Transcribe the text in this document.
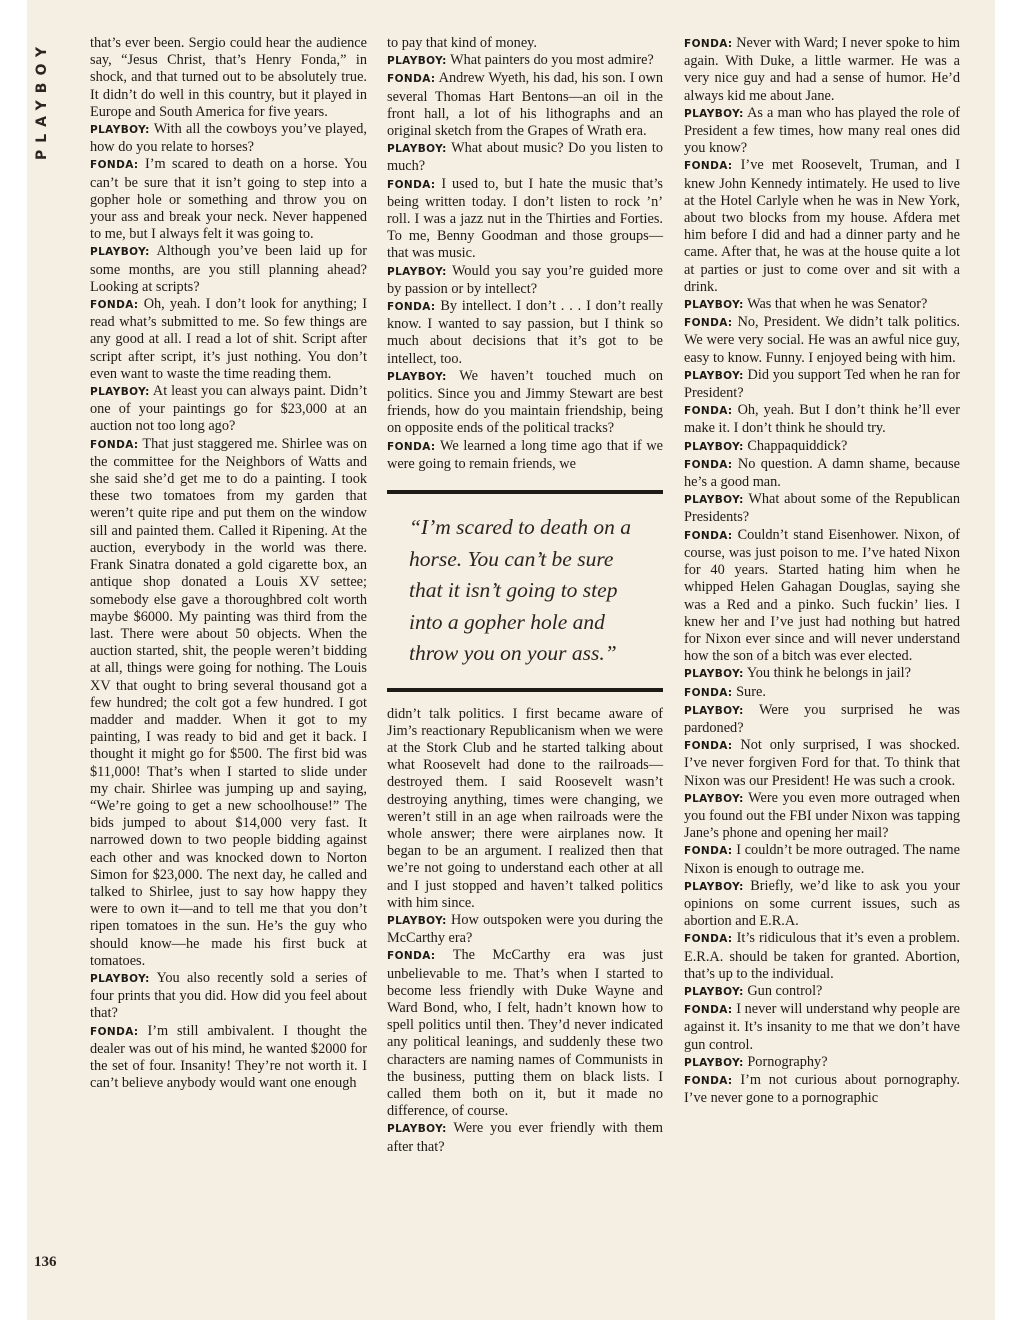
PLAYBOY
136

that’s ever been. Sergio could hear the audience say, “Jesus Christ, that’s Henry Fonda,” in shock, and that turned out to be absolutely true. It didn’t do well in this country, but it played in Europe and South America for five years.

PLAYBOY: With all the cowboys you’ve played, how do you relate to horses?

FONDA: I’m scared to death on a horse. You can’t be sure that it isn’t going to step into a gopher hole or something and throw you on your ass and break your neck. Never happened to me, but I always felt it was going to.

PLAYBOY: Although you’ve been laid up for some months, are you still planning ahead? Looking at scripts?

FONDA: Oh, yeah. I don’t look for anything; I read what’s submitted to me. So few things are any good at all. I read a lot of shit. Script after script after script, it’s just nothing. You don’t even want to waste the time reading them.

PLAYBOY: At least you can always paint. Didn’t one of your paintings go for $23,000 at an auction not too long ago?

FONDA: That just staggered me. Shirlee was on the committee for the Neighbors of Watts and she said she’d get me to do a painting. I took these two tomatoes from my garden that weren’t quite ripe and put them on the window sill and painted them. Called it Ripening. At the auction, everybody in the world was there. Frank Sinatra donated a gold cigarette box, an antique shop donated a Louis XV settee; somebody else gave a thoroughbred colt worth maybe $6000. My painting was third from the last. There were about 50 objects. When the auction started, shit, the people weren’t bidding at all, things were going for nothing. The Louis XV that ought to bring several thousand got a few hundred; the colt got a few hundred. I got madder and madder. When it got to my painting, I was ready to bid and get it back. I thought it might go for $500. The first bid was $11,000! That’s when I started to slide under my chair. Shirlee was jumping up and saying, “We’re going to get a new schoolhouse!” The bids jumped to about $14,000 very fast. It narrowed down to two people bidding against each other and was knocked down to Norton Simon for $23,000. The next day, he called and talked to Shirlee, just to say how happy they were to own it—and to tell me that you don’t ripen tomatoes in the sun. He’s the guy who should know—he made his first buck at tomatoes.

PLAYBOY: You also recently sold a series of four prints that you did. How did you feel about that?

FONDA: I’m still ambivalent. I thought the dealer was out of his mind, he wanted $2000 for the set of four. Insanity! They’re not worth it. I can’t believe anybody would want one enough

to pay that kind of money.

PLAYBOY: What painters do you most admire?

FONDA: Andrew Wyeth, his dad, his son. I own several Thomas Hart Bentons—an oil in the front hall, a lot of his lithographs and an original sketch from the Grapes of Wrath era.

PLAYBOY: What about music? Do you listen to much?

FONDA: I used to, but I hate the music that’s being written today. I don’t listen to rock ’n’ roll. I was a jazz nut in the Thirties and Forties. To me, Benny Goodman and those groups—that was music.

PLAYBOY: Would you say you’re guided more by passion or by intellect?

FONDA: By intellect. I don’t . . . I don’t really know. I wanted to say passion, but I think so much about decisions that it’s got to be intellect, too.

PLAYBOY: We haven’t touched much on politics. Since you and Jimmy Stewart are best friends, how do you maintain friendship, being on opposite ends of the political tracks?

FONDA: We learned a long time ago that if we were going to remain friends, we

“I’m scared to death on a horse. You can’t be sure that it isn’t going to step into a gopher hole and throw you on your ass.”

didn’t talk politics. I first became aware of Jim’s reactionary Republicanism when we were at the Stork Club and he started talking about what Roosevelt had done to the railroads—destroyed them. I said Roosevelt wasn’t destroying anything, times were changing, we weren’t still in an age when railroads were the whole answer; there were airplanes now. It began to be an argument. I realized then that we’re not going to understand each other at all and I just stopped and haven’t talked politics with him since.

PLAYBOY: How outspoken were you during the McCarthy era?

FONDA: The McCarthy era was just unbelievable to me. That’s when I started to become less friendly with Duke Wayne and Ward Bond, who, I felt, hadn’t known how to spell politics until then. They’d never indicated any political leanings, and suddenly these two characters are naming names of Communists in the business, putting them on black lists. I called them both on it, but it made no difference, of course.

PLAYBOY: Were you ever friendly with them after that?

FONDA: Never with Ward; I never spoke to him again. With Duke, a little warmer. He was a very nice guy and had a sense of humor. He’d always kid me about Jane.

PLAYBOY: As a man who has played the role of President a few times, how many real ones did you know?

FONDA: I’ve met Roosevelt, Truman, and I knew John Kennedy intimately. He used to live at the Hotel Carlyle when he was in New York, about two blocks from my house. Afdera met him before I did and had a dinner party and he came. After that, he was at the house quite a lot at parties or just to come over and sit with a drink.

PLAYBOY: Was that when he was Senator?

FONDA: No, President. We didn’t talk politics. We were very social. He was an awful nice guy, easy to know. Funny. I enjoyed being with him.

PLAYBOY: Did you support Ted when he ran for President?

FONDA: Oh, yeah. But I don’t think he’ll ever make it. I don’t think he should try.

PLAYBOY: Chappaquiddick?

FONDA: No question. A damn shame, because he’s a good man.

PLAYBOY: What about some of the Republican Presidents?

FONDA: Couldn’t stand Eisenhower. Nixon, of course, was just poison to me. I’ve hated Nixon for 40 years. Started hating him when he whipped Helen Gahagan Douglas, saying she was a Red and a pinko. Such fuckin’ lies. I knew her and I’ve just had nothing but hatred for Nixon ever since and will never understand how the son of a bitch was ever elected.

PLAYBOY: You think he belongs in jail?

FONDA: Sure.

PLAYBOY: Were you surprised he was pardoned?

FONDA: Not only surprised, I was shocked. I’ve never forgiven Ford for that. To think that Nixon was our President! He was such a crook.

PLAYBOY: Were you even more outraged when you found out the FBI under Nixon was tapping Jane’s phone and opening her mail?

FONDA: I couldn’t be more outraged. The name Nixon is enough to outrage me.

PLAYBOY: Briefly, we’d like to ask you your opinions on some current issues, such as abortion and E.R.A.

FONDA: It’s ridiculous that it’s even a problem. E.R.A. should be taken for granted. Abortion, that’s up to the individual.

PLAYBOY: Gun control?

FONDA: I never will understand why people are against it. It’s insanity to me that we don’t have gun control.

PLAYBOY: Pornography?

FONDA: I’m not curious about pornography. I’ve never gone to a pornographic
